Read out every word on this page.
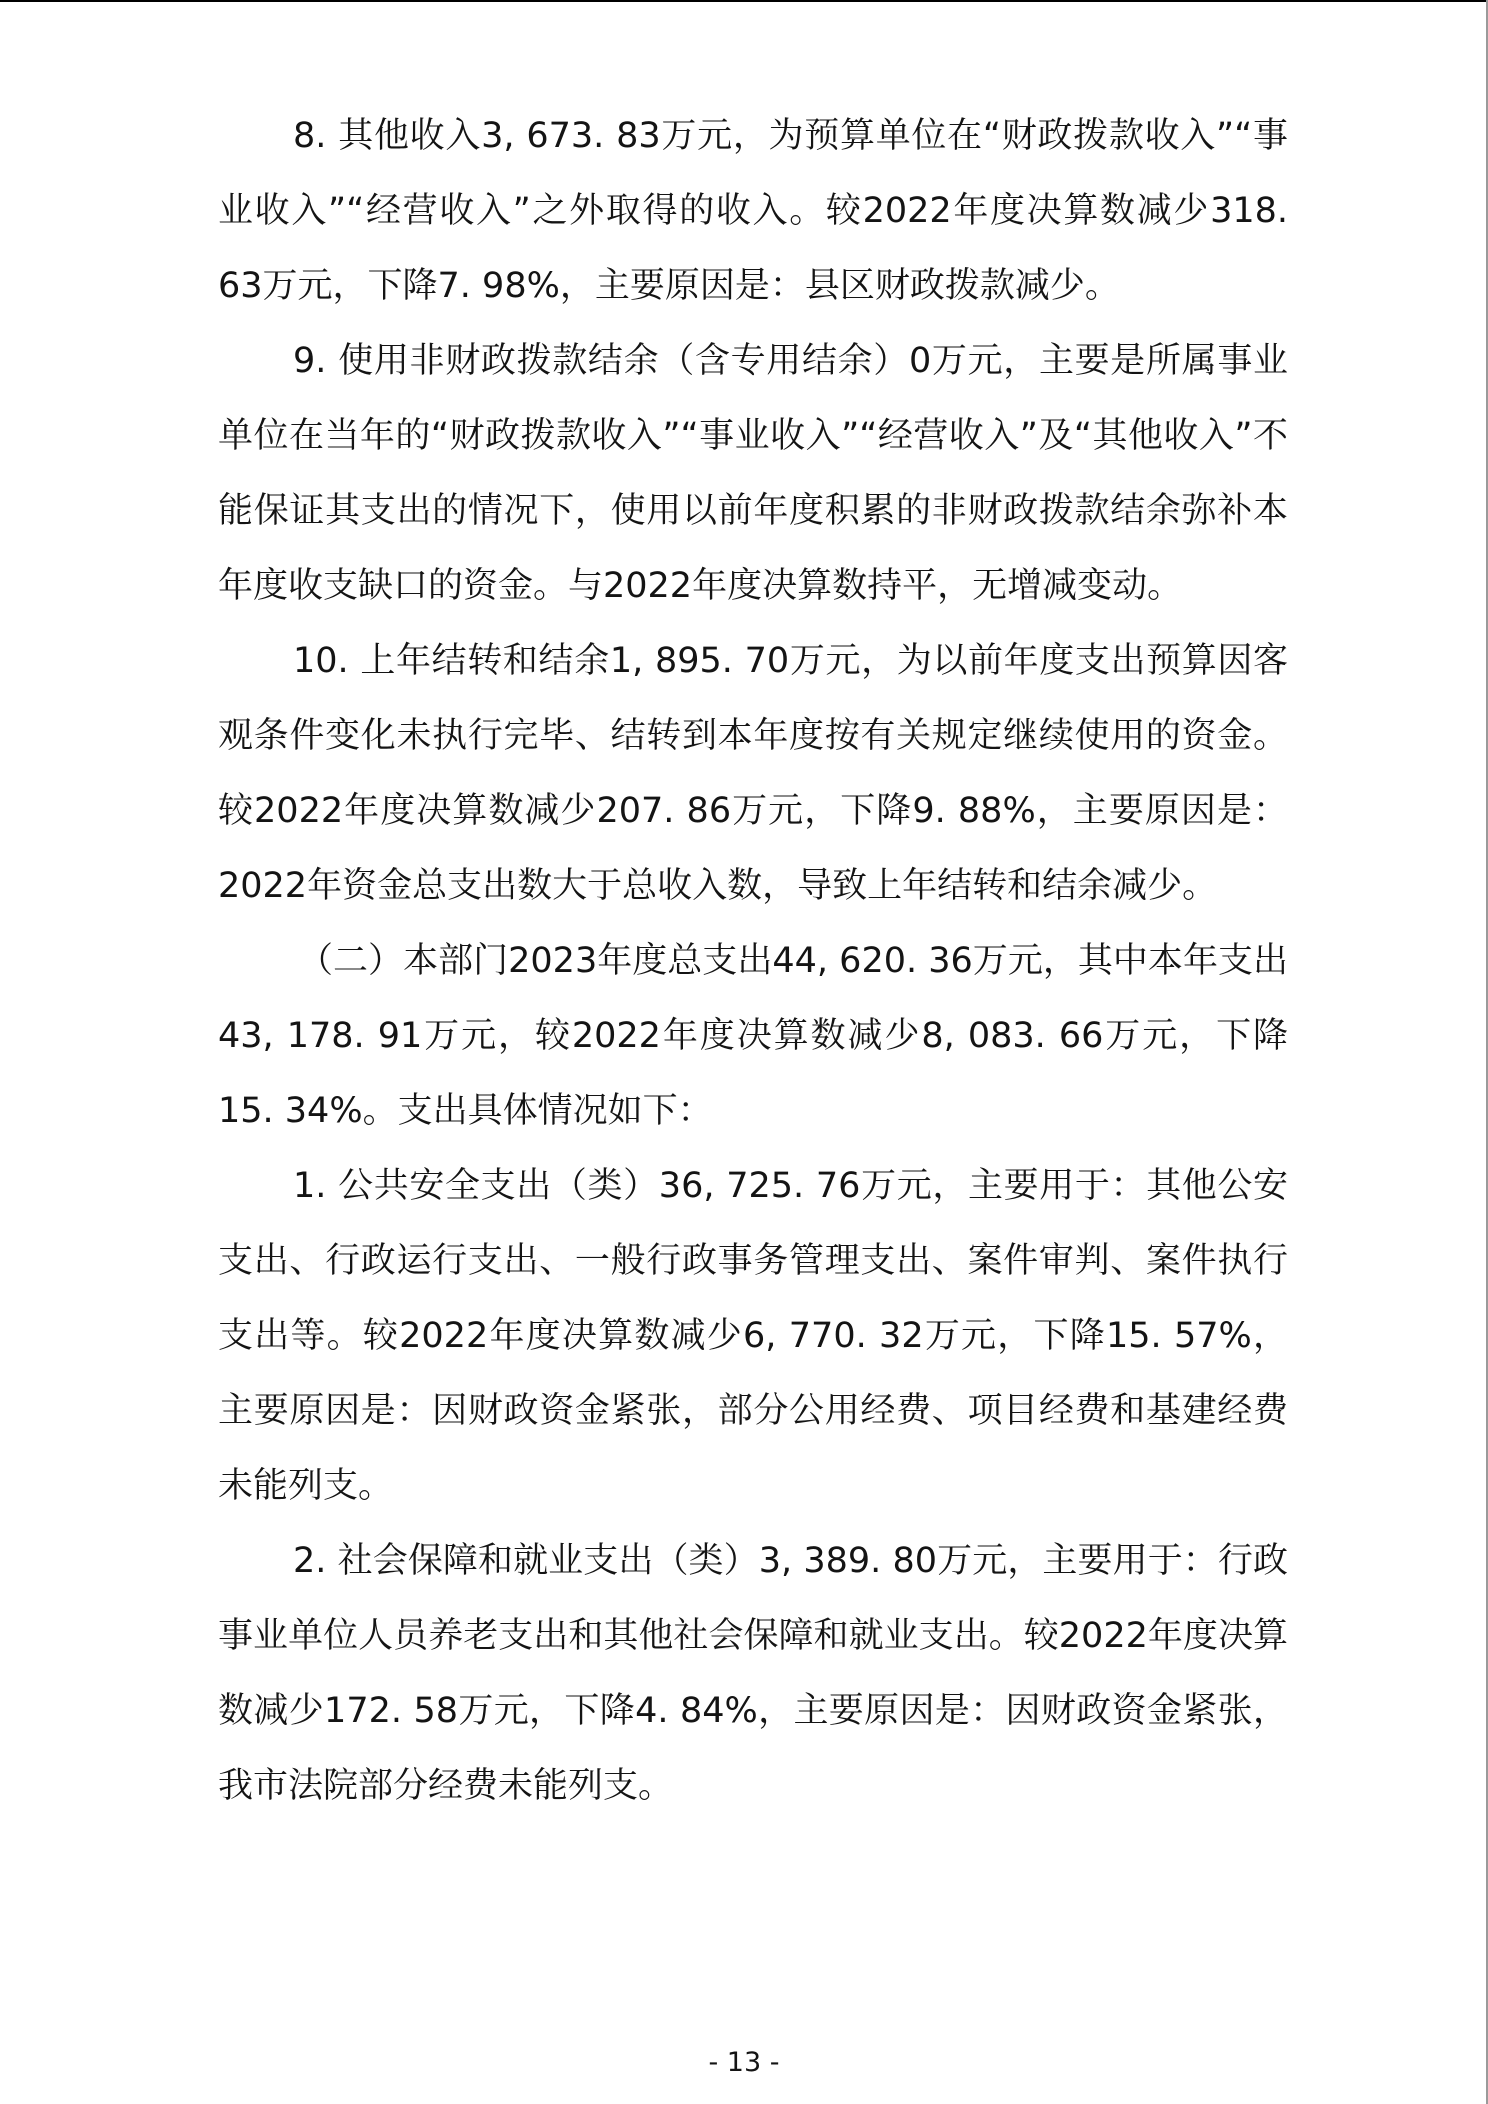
8. 其他收入3, 673. 83万元，为预算单位在“财政拨款收入”“事业收入”“经营收入”之外取得的收入。较2022年度决算数减少318. 63万元，下降7. 98%，主要原因是：县区财政拨款减少。

9. 使用非财政拨款结余（含专用结余）0万元，主要是所属事业单位在当年的“财政拨款收入”“事业收入”“经营收入”及“其他收入”不能保证其支出的情况下，使用以前年度积累的非财政拨款结余弥补本年度收支缺口的资金。与2022年度决算数持平，无增减变动。

10. 上年结转和结余1, 895. 70万元，为以前年度支出预算因客观条件变化未执行完毕、结转到本年度按有关规定继续使用的资金。较2022年度决算数减少207. 86万元，下降9. 88%，主要原因是：2022年资金总支出数大于总收入数，导致上年结转和结余减少。

（二）本部门2023年度总支出44, 620. 36万元，其中本年支出43, 178. 91万元，较2022年度决算数减少8, 083. 66万元，下降15. 34%。支出具体情况如下：

1. 公共安全支出（类）36, 725. 76万元，主要用于：其他公安支出、行政运行支出、一般行政事务管理支出、案件审判、案件执行支出等。较2022年度决算数减少6, 770. 32万元，下降15. 57%，主要原因是：因财政资金紧张，部分公用经费、项目经费和基建经费未能列支。

2. 社会保障和就业支出（类）3, 389. 80万元，主要用于：行政事业单位人员养老支出和其他社会保障和就业支出。较2022年度决算数减少172. 58万元，下降4. 84%，主要原因是：因财政资金紧张，我市法院部分经费未能列支。

- 13 -
